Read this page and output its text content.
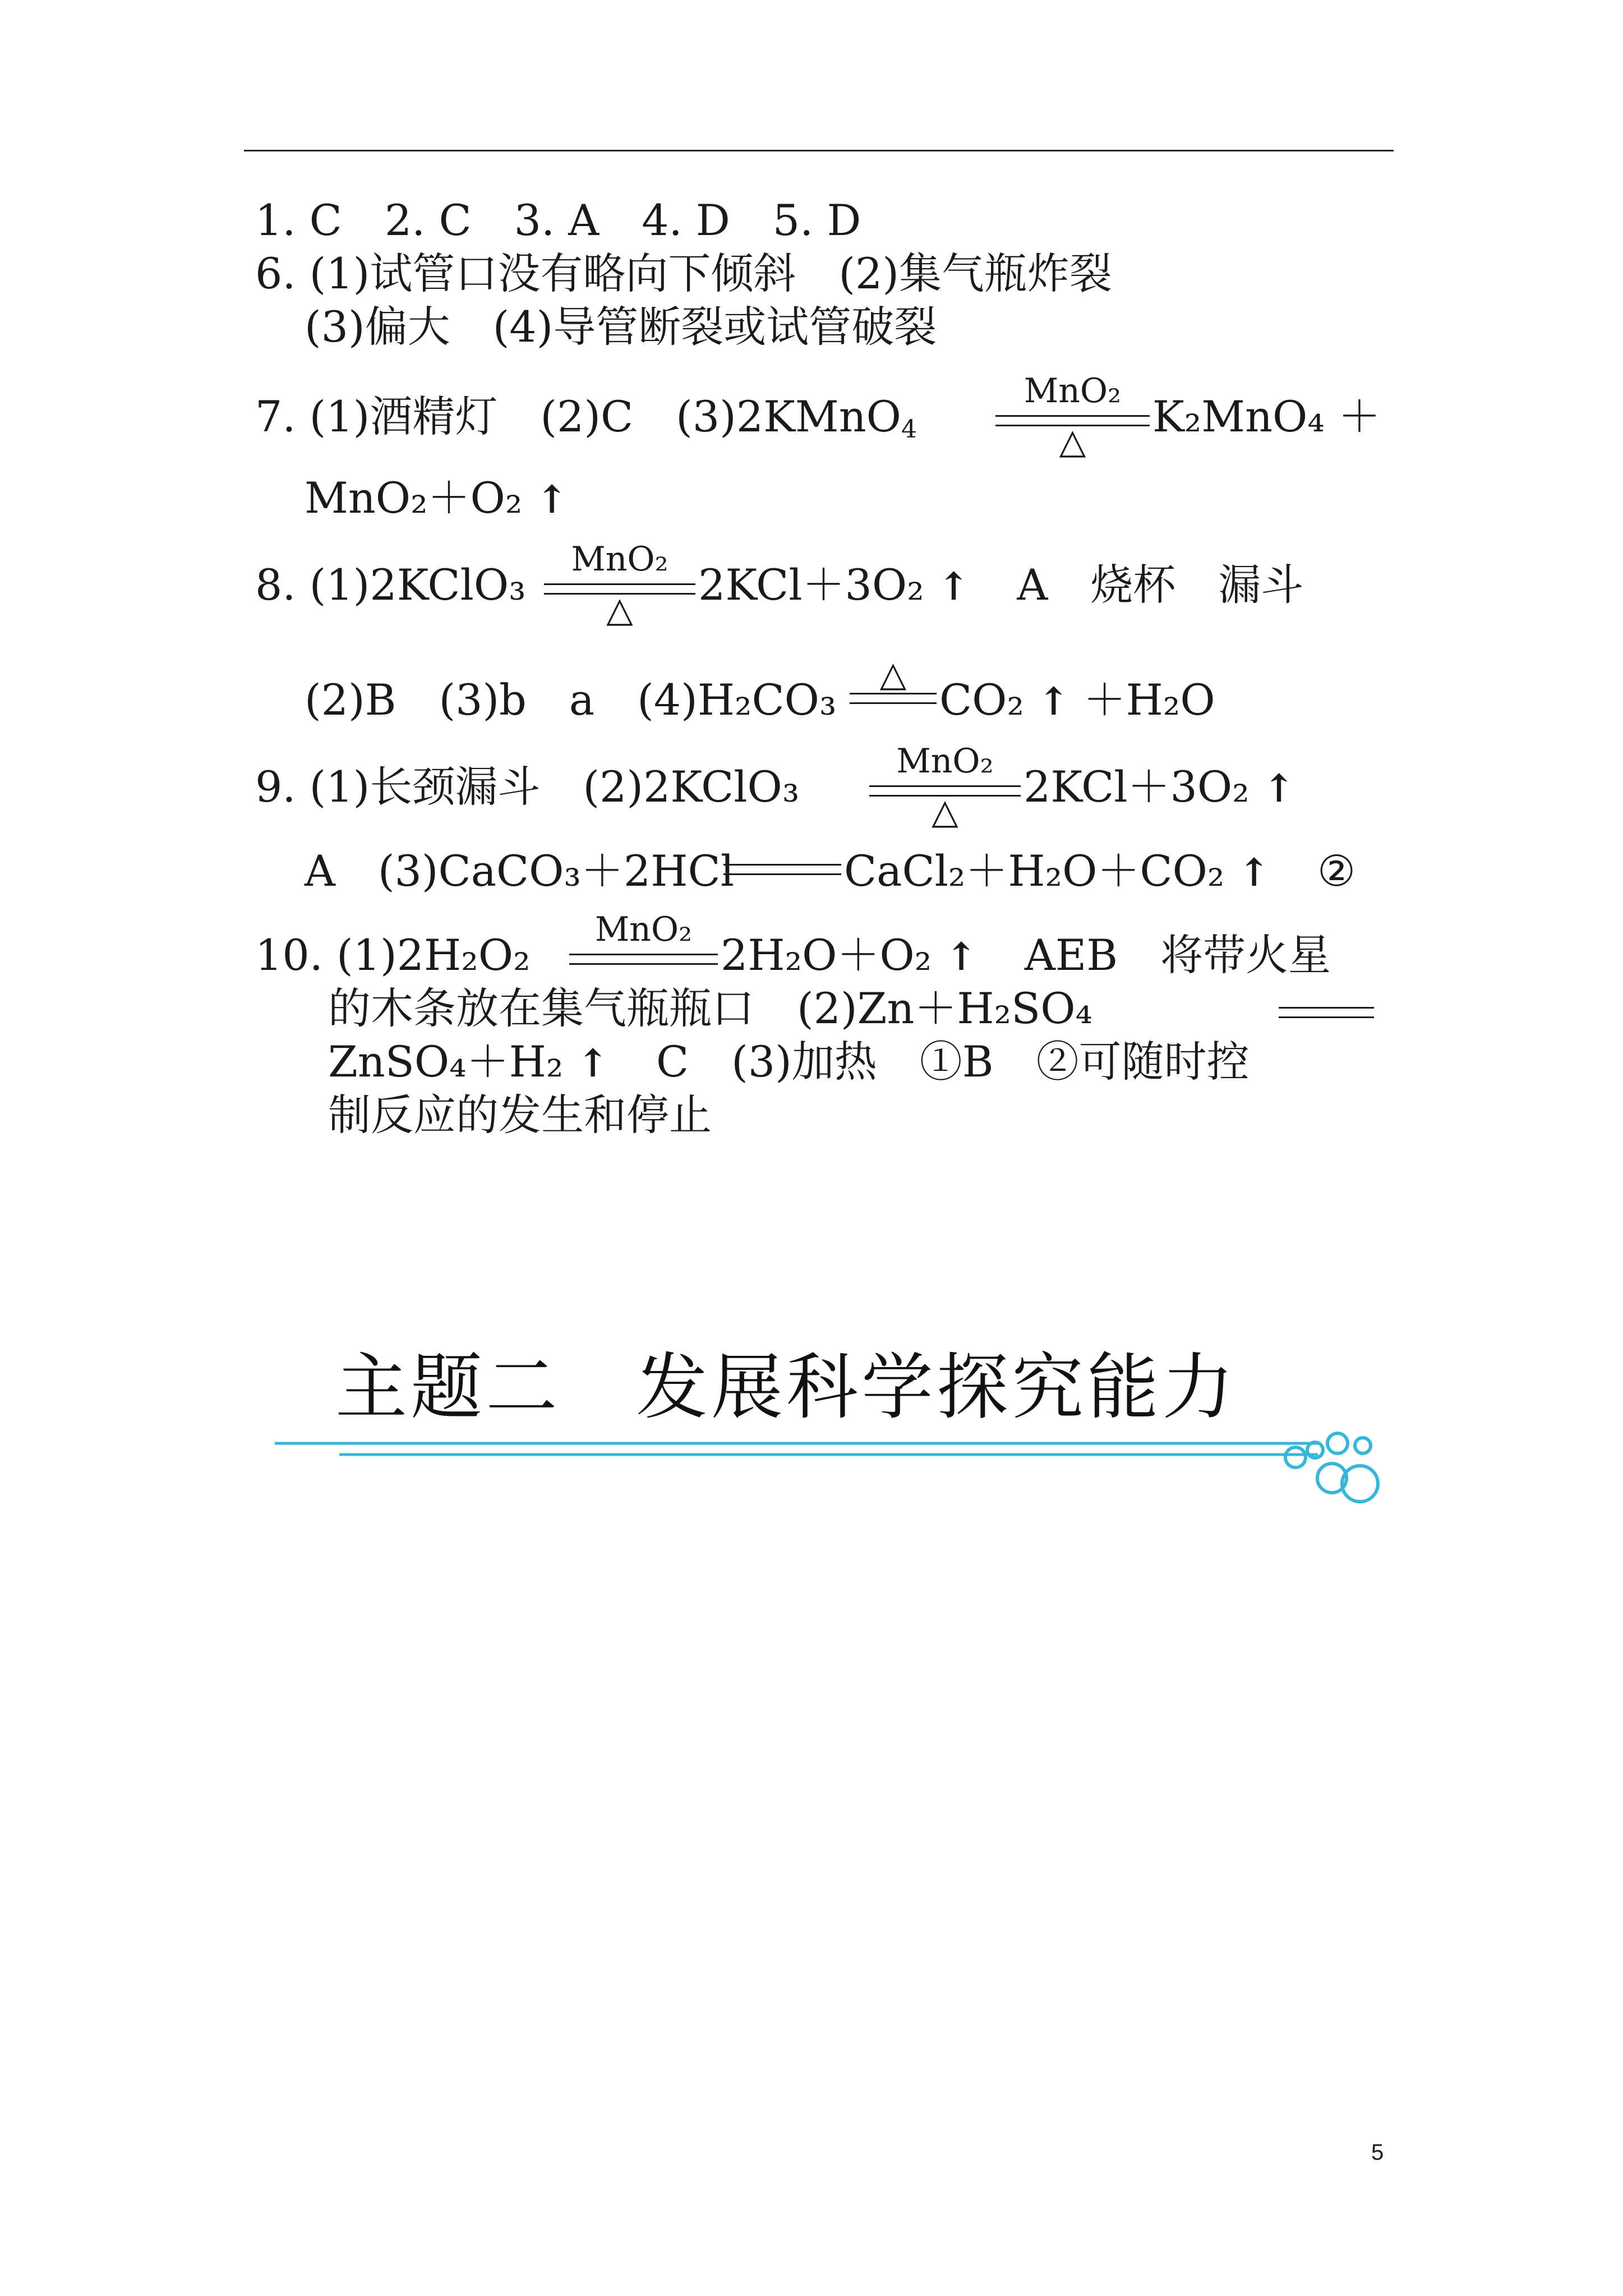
1. C　2. C　3. A　4. D　5. D
6. (1)试管口没有略向下倾斜　(2)集气瓶炸裂
(3)偏大　(4)导管断裂或试管破裂
7. (1)酒精灯　(2)C　(3)2KMnO$_4$
MnO₂
△	K₂MnO₄ ＋
MnO₂＋O₂ ↑
8. (1)2KClO₃
MnO₂
△	2KCl＋3O₂ ↑ A　烧杯　漏斗
(2)B　(3)b　a　(4)H₂CO₃
△
CO₂ ↑ ＋H₂O
9. (1)长颈漏斗　(2)2KClO₃
MnO₂
△	2KCl＋3O₂ ↑
A　(3)CaCO₃＋2HCl	CaCl₂＋H₂O＋CO₂ ↑ ②
10. (1)2H₂O₂
MnO₂
2H₂O＋O₂ ↑ AEB　将带火星
的木条放在集气瓶瓶口　(2)Zn＋H₂SO₄
ZnSO₄＋H₂ ↑ C　(3)加热　①B　②可随时控
制反应的发生和停止
主题二　发展科学探究能力
5
